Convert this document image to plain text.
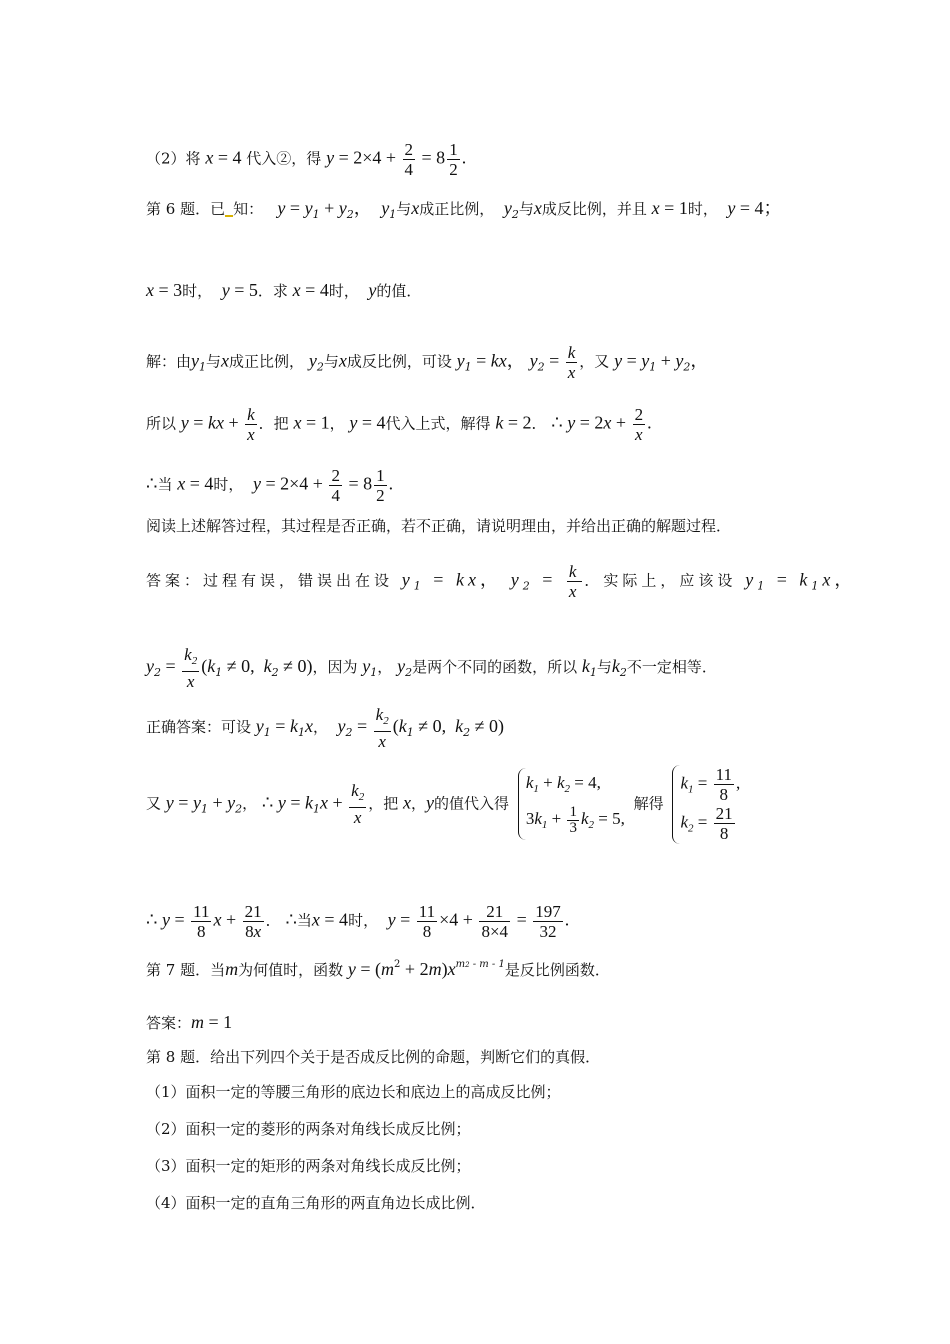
（2）将 x = 4 代入②，得 $y = 2\times 4 + \frac{2}{4} = 8 \frac{1}{2}$ .
第 6 题．已 知： $y = y_1 + y_2$， $y_1$与x成正比例， $y_2$与x成反比例，并且 x = 1时， y = 4；
x = 3时， y = 5．求 x = 4时， y的值．
解：由$y_1$与x成正比例， $y_2$与x成反比例，可设 $y_1$ = kx， $y_2 = \frac{k}{x}$ ，又 $y = y_1 + y_2$，
所以 y = kx + $\frac{k}{x}$ ．把 x = 1， y = 4代入上式，解得 k = 2． ∴ $y = 2x + \frac{2}{x}$ .
∴当 x = 4时， $y = 2\times 4 + \frac{2}{4} = 8 \frac{1}{2}$ .
阅读上述解答过程，其过程是否正确，若不正确，请说明理由，并给出正确的解题过程．
答案：过程有误，错误出在设 $y_1$ = kx， $y_2 = \frac{k}{x}$ ．实际上，应该设 $y_1 = k_1x$，
$y_2 = \frac{k_2}{x} (k_1 \ne 0$,  $k_2 \ne 0$)，因为 $y_1$， $y_2$是两个不同的函数，所以 $k_1$与$k_2$不一定相等．
正确答案：可设 $y_1 = k_1x$， $y_2 = \frac{k_2}{x} (k_1 \ne 0$,  $k_2 \ne 0$)
又 $y = y_1 + y_2$， ∴ $y = k_1x + \frac{k_2}{x}$ ，把 x，y的值代入得
$k_1 + k_2 = 4$,
$3k_1 + \frac{1}{3} k_2 = 5$,
解得
$k_1 = \frac{11}{8}$ ,
$k_2 = \frac{21}{8}$
∴ $y = \frac{11}{8}$ $x + \frac{21}{8x}$ ． ∴当x = 4时， $y = \frac{11}{8} \times 4 + \frac{21}{8\times 4} = \frac{197}{32}$ .
第 7 题．当m为何值时，函数 $y = (m^2 + 2m)x^{m2 - m - 1}$是反比例函数．
答案：m = 1
第 8 题．给出下列四个关于是否成反比例的命题，判断它们的真假．
（1）面积一定的等腰三角形的底边长和底边上的高成反比例；
（2）面积一定的菱形的两条对角线长成反比例；
（3）面积一定的矩形的两条对角线长成反比例；
（4）面积一定的直角三角形的两直角边长成比例．
